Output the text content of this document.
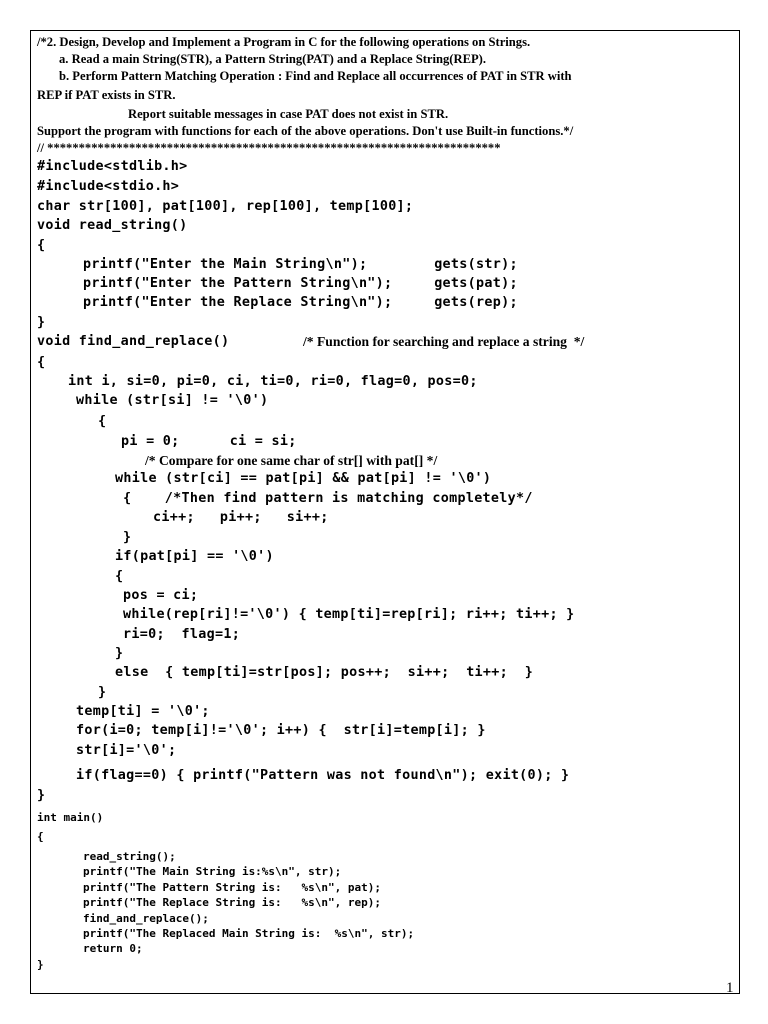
/*2. Design, Develop and Implement a Program in C for the following operations on Strings.
a. Read a main String(STR), a Pattern String(PAT) and a Replace String(REP).
b. Perform Pattern Matching Operation : Find and Replace all occurrences of PAT in STR with
REP if PAT exists in STR.
Report suitable messages in case PAT does not exist in STR.
Support the program with functions for each of the above operations. Don't use Built-in functions.*/
// ************************************************************************
#include<stdlib.h>
#include<stdio.h>
char str[100], pat[100], rep[100], temp[100];
void read_string()
{
printf("Enter the Main String\n");        gets(str);
printf("Enter the Pattern String\n");     gets(pat);
printf("Enter the Replace String\n");     gets(rep);
}
void find_and_replace()	/* Function for searching and replace a string  */
{
int i, si=0, pi=0, ci, ti=0, ri=0, flag=0, pos=0;
while (str[si] != '\0')
{
pi = 0;      ci = si;
/* Compare for one same char of str[] with pat[] */
while (str[ci] == pat[pi] && pat[pi] != '\0')
{    /*Then find pattern is matching completely*/
ci++;   pi++;   si++;
}
if(pat[pi] == '\0')
{
pos = ci;
while(rep[ri]!='\0') { temp[ti]=rep[ri]; ri++; ti++; }
ri=0;  flag=1;
}
else  { temp[ti]=str[pos]; pos++;  si++;  ti++;  }
}
temp[ti] = '\0';
for(i=0; temp[i]!='\0'; i++) {  str[i]=temp[i]; }
str[i]='\0';
if(flag==0) { printf("Pattern was not found\n"); exit(0); }
}
int main()
{
read_string();
printf("The Main String is:%s\n", str);
printf("The Pattern String is:   %s\n", pat);
printf("The Replace String is:   %s\n", rep);
find_and_replace();
printf("The Replaced Main String is:  %s\n", str);
return 0;
}
1
